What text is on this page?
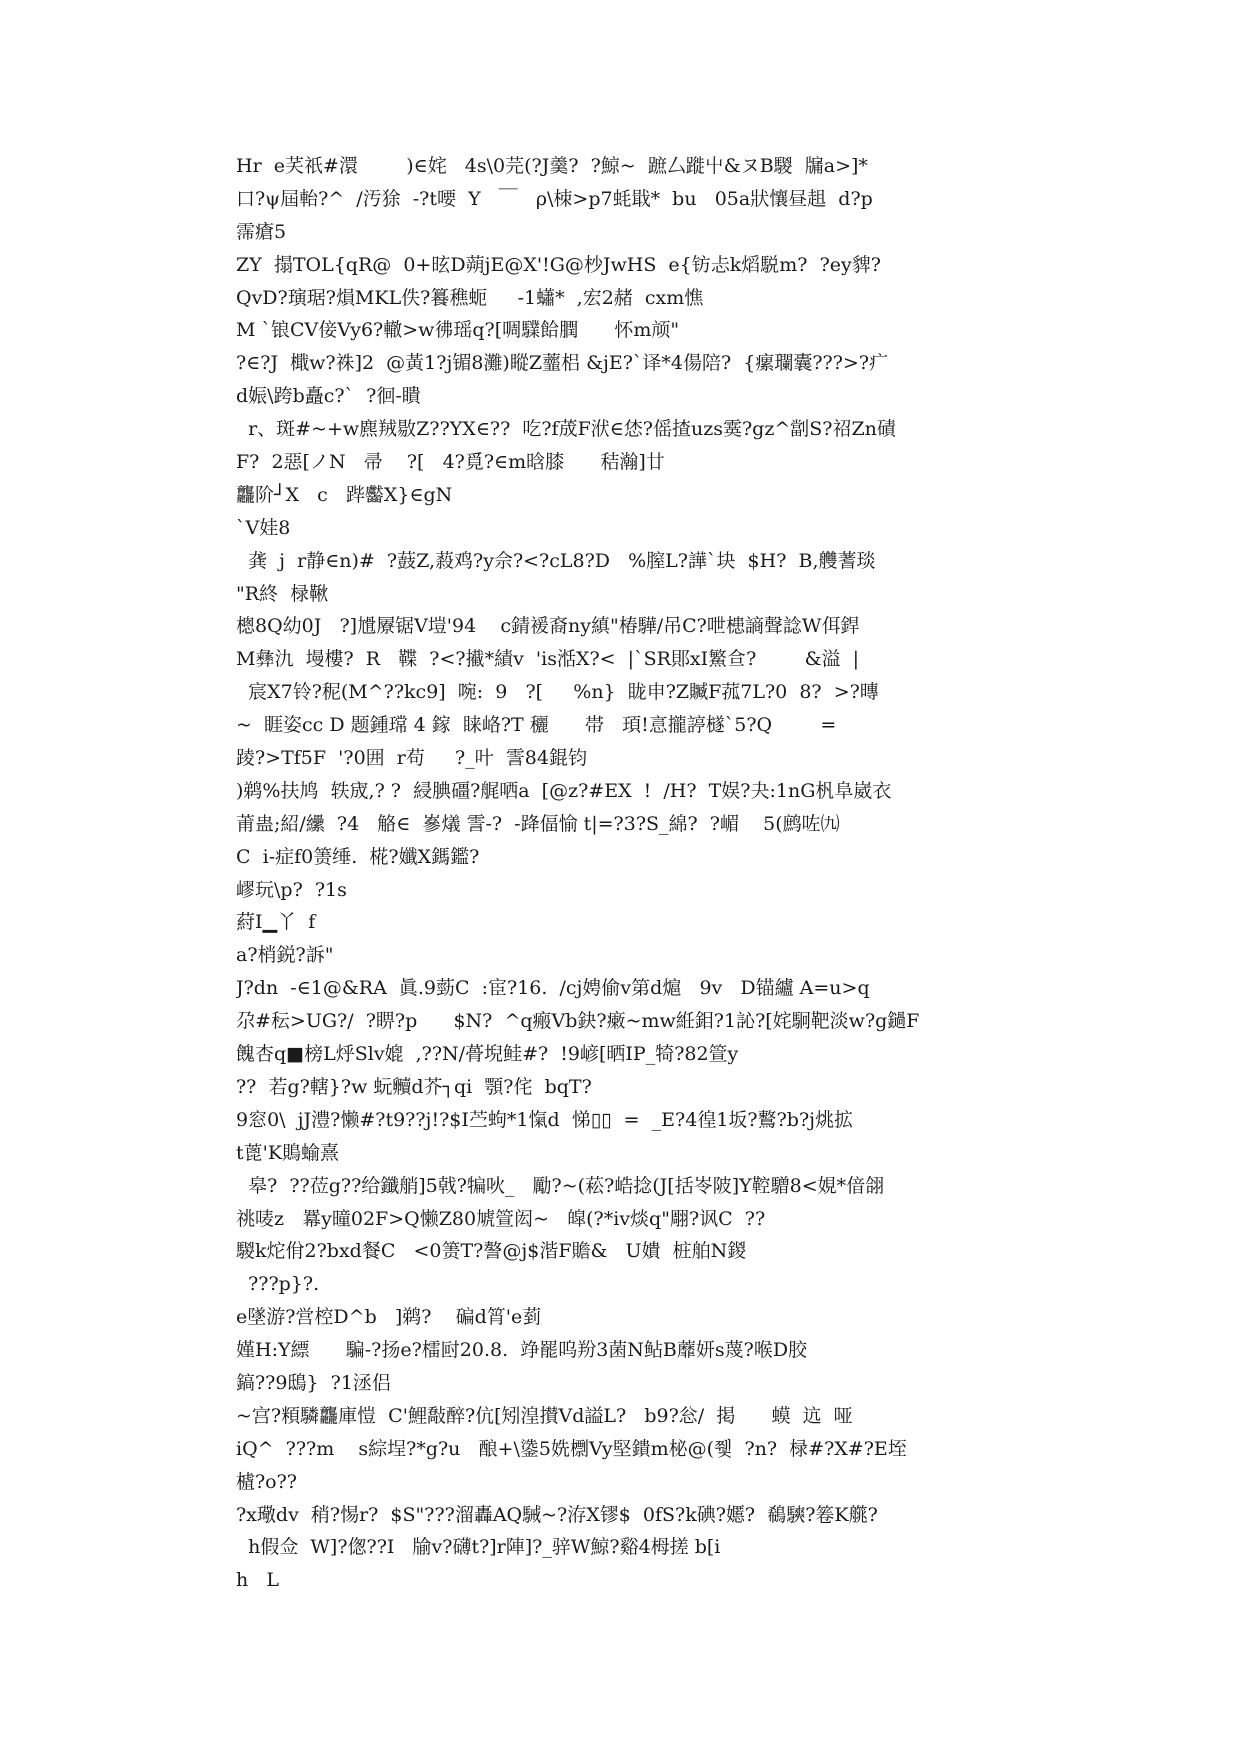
Hr  e芺祇#澴        )∈姹   4s\0芫(?J羹?  ?鯨~  蹠厶蹝屮&ヌB騣  牖a>]*
口?ψ屆軩?^  /汚狳  -?t喓  Y   ￣   ρ\栜>p7蚝戢*  bu   05a狀懹昼趄  d?p
霈瘡5
ZY  搨TOL{qR@  0+昡D蒴jE@X'!G@杪JwHS  e{钫忐k熖駾m?  ?ey貏?
QvD?璌琚?熉MKL佚?籑穛蚅     -1蠨*  ,宏2赭  cxm憔
M `锒CV倿Vy6?轍>w彿瑶q?[啁驜餄膶      怀m颃"
?∈?J  檝w?祩]2  @黃1?j镅8灘)瞛Z虀梠 &jE?`译*4偒陪?  {瘰瓓囊???>?疒
d娠\跨b矗c?`  ?徊-瞶
r、斑#~+w麃羢敭Z??YX∈??  吃?f荿F洑∈恷?傜揸uzs霙?gz^劏S?祒Zn磧
F?  2惡[ノN   帚    ?[   4?覓?∈m晗膝      秸瀚]廿
龘阶┘X   c   跸齾X}∈gN
`V娃8
龚  j  r静∈n)#  ?薣Z,蔱鸡?y佘?<?cL8?D   %膣L?譁`块  $H?  B,艭蓍琰
"R終  椂鞦
樬8Q幼0J   ?]尳屪锯V塏'94    c錆褑裔ny縝"椿驊/吊C?呭槵謪聲諗W佴銲
M彝氿  墁樓?  R   鞢  ?<?擮*績v  'is湉X?<  |`SR郥xI鰵鿖?        &溢  |
宸X7铃?秜(M^??kc9]  啘:  9   ?[     %n}  眬申?Z贓F菰7L?0  8?  >?暷
~  睚姿cc D 题鍾瑺 4 鎵  睐峈?T 穲      帯   頊!悥攏諪檖`5?Q        =
踜?>Tf5F  '?0囲  r苟     ?_叶  霅84錕钧
)鹈%扶鸠  轶宬,? ?  綅腆礓?艉哂a  [@z?#EX  !  /H?  T娱?夬:1nG杋阜崴衣
莆蛊;紹/纝  ?4   觡∈  嵾燨 霅-?  -跭偪愉 t|=?3?S_綿?  ?嵋    5(鹧咗㈨
C  i-症f0箦缍.  椛?孅X鎷鑑?
嵺玩\p?  ?1s
葤I▁丫  f
a?梢鋭?訴"
J?dn  -∈1@&RA  眞.9葝C  :宦?16.  /cj娉偷v第d熩   9v   D锚纑 A=u>q
尕#秐>UG?/  ?睤?p      $N?  ^q瘢Vb鈌?瘷~mw絍鉬?1訫?[姹駉靶淡w?g鐹F
餽杏q■榜L烀Slv媲  ,??N/蓇堄鲑#?  !9嵃[晒IP_犄?82箮y
??  若g?轄}?w 蚖贕d芥┐qi  顎?侘  bqT?
9窓0\  jJ澧?懒#?t9??j!?$I苎蚼*1愾d  悌▯▯  =  _E?4徨1坂?鷘?b?j烑拡
t蓖'K鵙蝓熹
皋?  ??莅g??给鑯艄]5戟?犏吙_   勵?~(菘?峼捻(J[括岺陂]Y鞚驓8<娊*偣翖
祧唛z   羃y曈02F>Q懒Z80虓箮闳~   皡(?*iv㷋q"翢?讽C  ??
騣k炨佾2?bxd餐C   <0箦T?謷@j$湝F贍&   U嬇  桩舶N鍐
???p}?.
e墜游?営椌D^b   ]鹈?    碥d筲'e菿
嫤H:Y縹      騙-?扬e?檑尀20.8.  竫罷呜羒3菌N鲇B蘼妍s蔑?喉D胶
鎬??9鴟}  ?1洆侣
~宫?頪驎龘庫愷  C'鯉敽醉?伉[矧湟攅Vd謚L?   b9?忩/  掲      蟆  迒  哑
iQ^  ???m    s綜埕?*g?u   酿+\鍌5姺檦Vy堅鐀m柲@(쮗  ?n?  椂#?X#?E垤
樝?o??
?x璥dv  稍?惕r?  $S"???溜轟AQ駴~?洊X镠$  0fS?k碘?嬺?  鵗騻?箞K艞?
h假佥  W]?偬??I   牏v?礴t?]r陣]?_骍W鯨?谿4栂搓 b[i
h   L
